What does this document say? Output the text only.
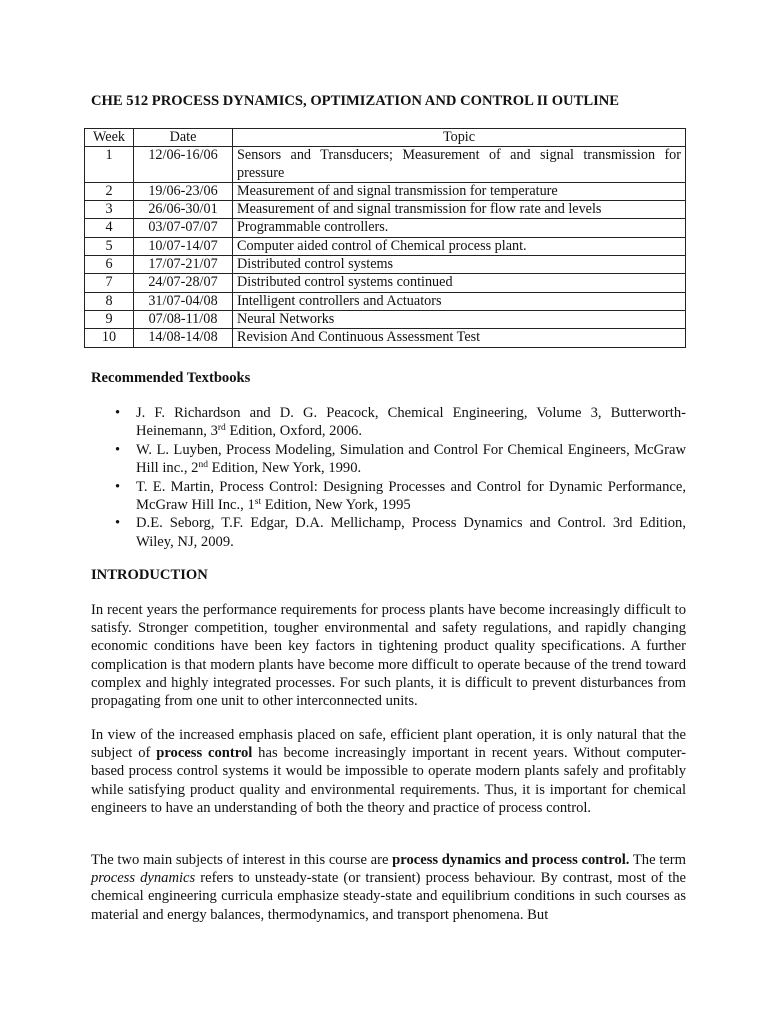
CHE 512 PROCESS DYNAMICS, OPTIMIZATION AND CONTROL II OUTLINE
Week	Date	Topic
1	12/06-16/06	Sensors and Transducers; Measurement of and signal transmission for pressure
2	19/06-23/06	Measurement of and signal transmission for temperature
3	26/06-30/01	Measurement of and signal transmission for flow rate and levels
4	03/07-07/07	Programmable controllers.
5	10/07-14/07	Computer aided control of Chemical process plant.
6	17/07-21/07	Distributed control systems
7	24/07-28/07	Distributed control systems continued
8	31/07-04/08	Intelligent controllers and Actuators
9	07/08-11/08	Neural Networks
10	14/08-14/08	Revision And Continuous Assessment Test
Recommended Textbooks
• J. F. Richardson and D. G. Peacock, Chemical Engineering, Volume 3, Butterworth-Heinemann, 3rd Edition, Oxford, 2006.
• W. L. Luyben, Process Modeling, Simulation and Control For Chemical Engineers, McGraw Hill inc., 2nd Edition, New York, 1990.
• T. E. Martin, Process Control: Designing Processes and Control for Dynamic Performance, McGraw Hill Inc., 1st Edition, New York, 1995
• D.E. Seborg, T.F. Edgar, D.A. Mellichamp, Process Dynamics and Control. 3rd Edition, Wiley, NJ, 2009.
INTRODUCTION

In recent years the performance requirements for process plants have become increasingly difficult to satisfy. Stronger competition, tougher environmental and safety regulations, and rapidly changing economic conditions have been key factors in tightening product quality specifications. A further complication is that modern plants have become more difficult to operate because of the trend toward complex and highly integrated processes. For such plants, it is difficult to prevent disturbances from propagating from one unit to other interconnected units.

In view of the increased emphasis placed on safe, efficient plant operation, it is only natural that the subject of process control has become increasingly important in recent years. Without computer-based process control systems it would be impossible to operate modern plants safely and profitably while satisfying product quality and environmental requirements. Thus, it is important for chemical engineers to have an understanding of both the theory and practice of process control.

The two main subjects of interest in this course are process dynamics and process control. The term process dynamics refers to unsteady-state (or transient) process behaviour. By contrast, most of the chemical engineering curricula emphasize steady-state and equilibrium conditions in such courses as material and energy balances, thermodynamics, and transport phenomena. But
